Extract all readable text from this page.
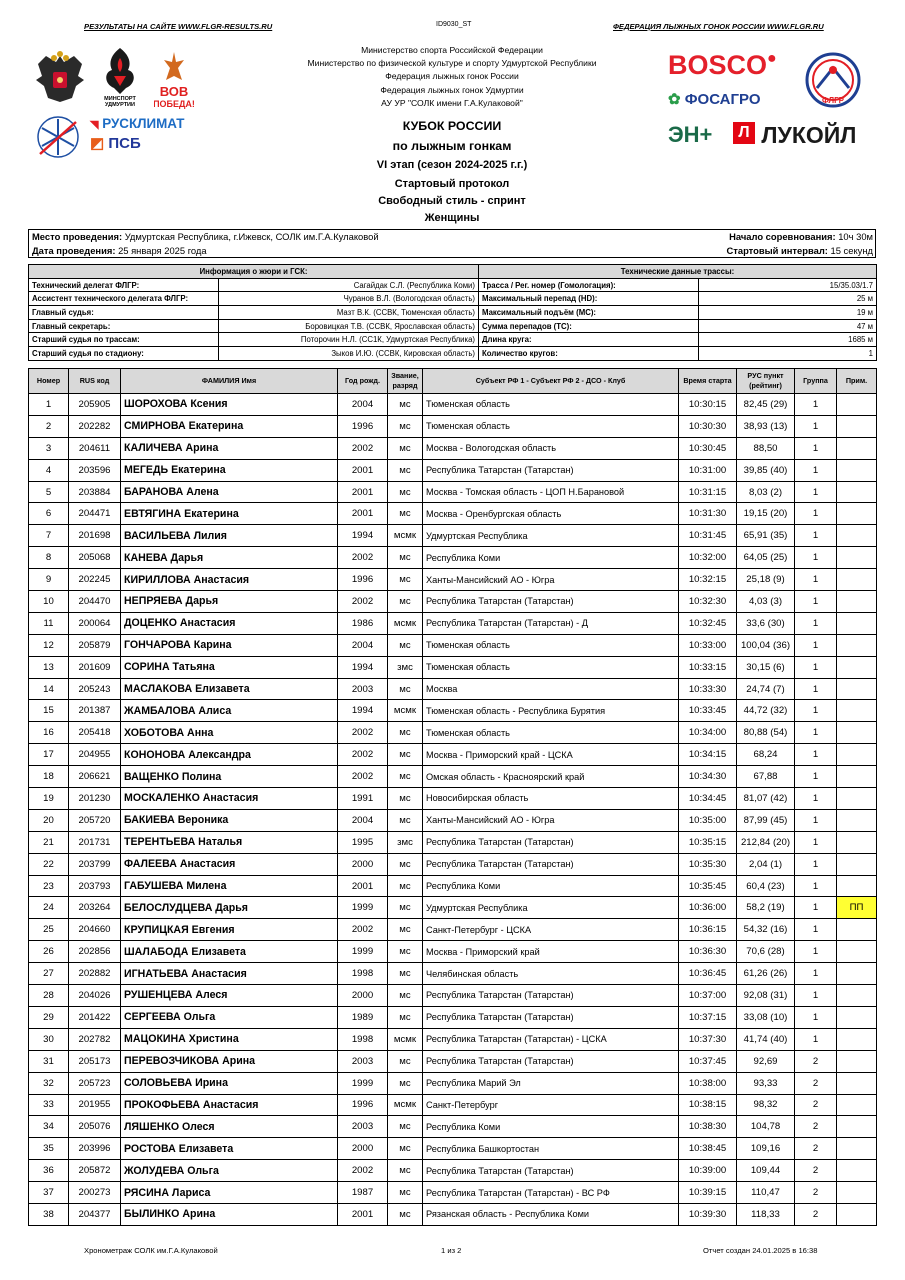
РЕЗУЛЬТАТЫ НА САЙТЕ WWW.FLGR-RESULTS.RU	ID9030_ST	ФЕДЕРАЦИЯ ЛЫЖНЫХ ГОНОК РОССИИ WWW.FLGR.RU
МИНСПОРТ УДМУРТИИ
ВОВ
ПОБЕДА!
◥ РУСКЛИМАТ
◩ ПСБ
Министерство спорта Российской Федерации
Министерство по физической культуре и спорту Удмуртской Республики
Федерация лыжных гонок России
Федерация лыжных гонок Удмуртии
АУ УР "СОЛК имени Г.А.Кулаковой"
КУБОК РОССИИ
по лыжным гонкам
VI этап (сезон 2024-2025 г.г.)
Стартовый протокол
Свободный стиль - спринт
Женщины
BOSCO●
✿ ФОСАГРО	ФЛГР
ЭН+	Л ЛУКОЙЛ
Место проведения: Удмуртская Республика, г.Ижевск, СОЛК им.Г.А.Кулаковой
Дата проведения: 25 января 2025 года
Начало соревнования: 10ч 30м
Стартовый интервал: 15 секунд
Информация о жюри и ГСК:	
Технический делегат ФЛГР:	Сагайдак С.Л. (Республика Коми)
Ассистент технического делегата ФЛГР:	Чуранов В.Л. (Вологодская область)
Главный судья:	Мазт В.К. (ССВК, Тюменская область)
Главный секретарь:	Боровицкая Т.В. (ССВК, Ярославская область)
Старший судья по трассам:	Поторочин Н.Л. (СС1К, Удмуртская Республика)
Старший судья по стадиону:	Зыков И.Ю. (ССВК, Кировская область)
Технические данные трассы:	
Трасса / Рег. номер (Гомологация):	15/35.03/1.7
Максимальный перепад (HD):	25 м
Максимальный подъём (MC):	19 м
Сумма перепадов (TC):	47 м
Длина круга:	1685 м
Количество кругов:	1
Номер	RUS код	ФАМИЛИЯ Имя	Год рожд.	Звание, разряд	Субъект РФ 1 - Субъект РФ 2 - ДСО - Клуб	Время старта	РУС пункт (рейтинг)	Группа	Прим.
1	205905	ШОРОХОВА Ксения	2004	мс	Тюменская область	10:30:15	82,45 (29)	1	
2	202282	СМИРНОВА Екатерина	1996	мс	Тюменская область	10:30:30	38,93 (13)	1	
3	204611	КАЛИЧЕВА Арина	2002	мс	Москва - Вологодская область	10:30:45	88,50	1	
4	203596	МЕГЕДЬ Екатерина	2001	мс	Республика Татарстан (Татарстан)	10:31:00	39,85 (40)	1	
5	203884	БАРАНОВА Алена	2001	мс	Москва - Томская область - ЦОП Н.Барановой	10:31:15	8,03 (2)	1	
6	204471	ЕВТЯГИНА Екатерина	2001	мс	Москва - Оренбургская область	10:31:30	19,15 (20)	1	
7	201698	ВАСИЛЬЕВА Лилия	1994	мсмк	Удмуртская Республика	10:31:45	65,91 (35)	1	
8	205068	КАНЕВА Дарья	2002	мс	Республика Коми	10:32:00	64,05 (25)	1	
9	202245	КИРИЛЛОВА Анастасия	1996	мс	Ханты-Мансийский АО - Югра	10:32:15	25,18 (9)	1	
10	204470	НЕПРЯЕВА Дарья	2002	мс	Республика Татарстан (Татарстан)	10:32:30	4,03 (3)	1	
11	200064	ДОЦЕНКО Анастасия	1986	мсмк	Республика Татарстан (Татарстан) - Д	10:32:45	33,6 (30)	1	
12	205879	ГОНЧАРОВА Карина	2004	мс	Тюменская область	10:33:00	100,04 (36)	1	
13	201609	СОРИНА Татьяна	1994	змс	Тюменская область	10:33:15	30,15 (6)	1	
14	205243	МАСЛАКОВА Елизавета	2003	мс	Москва	10:33:30	24,74 (7)	1	
15	201387	ЖАМБАЛОВА Алиса	1994	мсмк	Тюменская область - Республика Бурятия	10:33:45	44,72 (32)	1	
16	205418	ХОБОТОВА Анна	2002	мс	Тюменская область	10:34:00	80,88 (54)	1	
17	204955	КОНОНОВА Александра	2002	мс	Москва - Приморский край - ЦСКА	10:34:15	68,24	1	
18	206621	ВАЩЕНКО Полина	2002	мс	Омская область - Красноярский край	10:34:30	67,88	1	
19	201230	МОСКАЛЕНКО Анастасия	1991	мс	Новосибирская область	10:34:45	81,07 (42)	1	
20	205720	БАКИЕВА Вероника	2004	мс	Ханты-Мансийский АО - Югра	10:35:00	87,99 (45)	1	
21	201731	ТЕРЕНТЬЕВА Наталья	1995	змс	Республика Татарстан (Татарстан)	10:35:15	212,84 (20)	1	
22	203799	ФАЛЕЕВА Анастасия	2000	мс	Республика Татарстан (Татарстан)	10:35:30	2,04 (1)	1	
23	203793	ГАБУШЕВА Милена	2001	мс	Республика Коми	10:35:45	60,4 (23)	1	
24	203264	БЕЛОСЛУДЦЕВА Дарья	1999	мс	Удмуртская Республика	10:36:00	58,2 (19)	1	ПП
25	204660	КРУПИЦКАЯ Евгения	2002	мс	Санкт-Петербург - ЦСКА	10:36:15	54,32 (16)	1	
26	202856	ШАЛАБОДА Елизавета	1999	мс	Москва - Приморский край	10:36:30	70,6 (28)	1	
27	202882	ИГНАТЬЕВА Анастасия	1998	мс	Челябинская область	10:36:45	61,26 (26)	1	
28	204026	РУШЕНЦЕВА Алеся	2000	мс	Республика Татарстан (Татарстан)	10:37:00	92,08 (31)	1	
29	201422	СЕРГЕЕВА Ольга	1989	мс	Республика Татарстан (Татарстан)	10:37:15	33,08 (10)	1	
30	202782	МАЦОКИНА Христина	1998	мсмк	Республика Татарстан (Татарстан) - ЦСКА	10:37:30	41,74 (40)	1	
31	205173	ПЕРЕВОЗЧИКОВА Арина	2003	мс	Республика Татарстан (Татарстан)	10:37:45	92,69	2	
32	205723	СОЛОВЬЕВА Ирина	1999	мс	Республика Марий Эл	10:38:00	93,33	2	
33	201955	ПРОКОФЬЕВА Анастасия	1996	мсмк	Санкт-Петербург	10:38:15	98,32	2	
34	205076	ЛЯШЕНКО Олеся	2003	мс	Республика Коми	10:38:30	104,78	2	
35	203996	РОСТОВА Елизавета	2000	мс	Республика Башкортостан	10:38:45	109,16	2	
36	205872	ЖОЛУДЕВА Ольга	2002	мс	Республика Татарстан (Татарстан)	10:39:00	109,44	2	
37	200273	РЯСИНА Лариса	1987	мс	Республика Татарстан (Татарстан) - ВС РФ	10:39:15	110,47	2	
38	204377	БЫЛИНКО Арина	2001	мс	Рязанская область - Республика Коми	10:39:30	118,33	2	
Хронометраж СОЛК им.Г.А.Кулаковой	1 из 2	Отчет создан 24.01.2025 в 16:38
